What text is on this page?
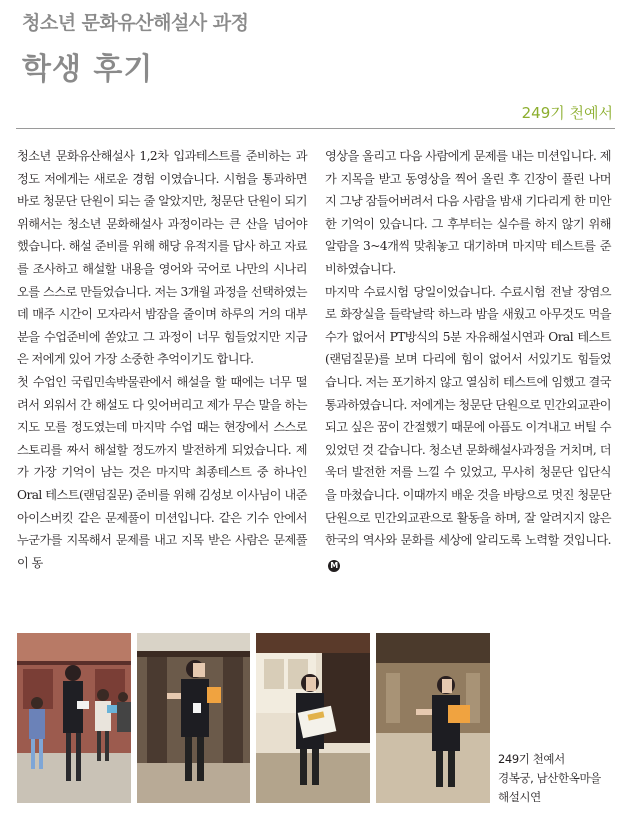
청소년 문화유산해설사 과정
학생 후기
249기 천예서

청소년 문화유산해설사 1,2차 입과테스트를 준비하는 과정도 저에게는 새로운 경험 이였습니다. 시험을 통과하면 바로 청문단 단원이 되는 줄 알았지만, 청문단 단원이 되기 위해서는 청소년 문화해설사 과정이라는 큰 산을 넘어야 했습니다. 해설 준비를 위해 해당 유적지를 답사 하고 자료를 조사하고 해설할 내용을 영어와 국어로 나만의 시나리오를 스스로 만들었습니다. 저는 3개월 과정을 선택하였는데 매주 시간이 모자라서 밤잠을 줄이며 하루의 거의 대부분을 수업준비에 쏟았고 그 과정이 너무 힘들었지만 지금은 저에게 있어 가장 소중한 추억이기도 합니다.

첫 수업인 국립민속박물관에서 해설을 할 때에는 너무 떨려서 외워서 간 해설도 다 잊어버리고 제가 무슨 말을 하는지도 모를 정도였는데 마지막 수업 때는 현장에서 스스로 스토리를 짜서 해설할 정도까지 발전하게 되었습니다. 제가 가장 기억이 남는 것은 마지막 최종테스트 중 하나인 Oral 테스트(랜덤질문) 준비를 위해 김성보 이사님이 내준 아이스버킷 같은 문제풀이 미션입니다. 같은 기수 안에서 누군가를 지목해서 문제를 내고 지목 받은 사람은 문제풀이 동

영상을 올리고 다음 사람에게 문제를 내는 미션입니다. 제가 지목을 받고 동영상을 찍어 올린 후 긴장이 풀린 나머지 그냥 잠들어버려서 다음 사람을 밤새 기다리게 한 미안한 기억이 있습니다. 그 후부터는 실수를 하지 않기 위해 알람을 3~4개씩 맞춰놓고 대기하며 마지막 테스트를 준비하였습니다.

마지막 수료시험 당일이었습니다. 수료시험 전날 장염으로 화장실을 들락날락 하느라 밤을 새웠고 아무것도 먹을 수가 없어서 PT방식의 5분 자유해설시연과 Oral 테스트(랜덤질문)를 보며 다리에 힘이 없어서 서있기도 힘들었습니다. 저는 포기하지 않고 열심히 테스트에 임했고 결국 통과하였습니다. 저에게는 청문단 단원으로 민간외교관이 되고 싶은 꿈이 간절했기 때문에 아픔도 이겨내고 버틸 수 있었던 것 같습니다. 청소년 문화해설사과정을 거치며, 더욱더 발전한 저를 느낄 수 있었고, 무사히 청문단 입단식을 마쳤습니다. 이때까지 배운 것을 바탕으로 멋진 청문단 단원으로 민간외교관으로 활동을 하며, 잘 알려지지 않은 한국의 역사와 문화를 세상에 알리도록 노력할 것입니다.M

249기 천예서
경복궁, 남산한옥마을
해설시연
